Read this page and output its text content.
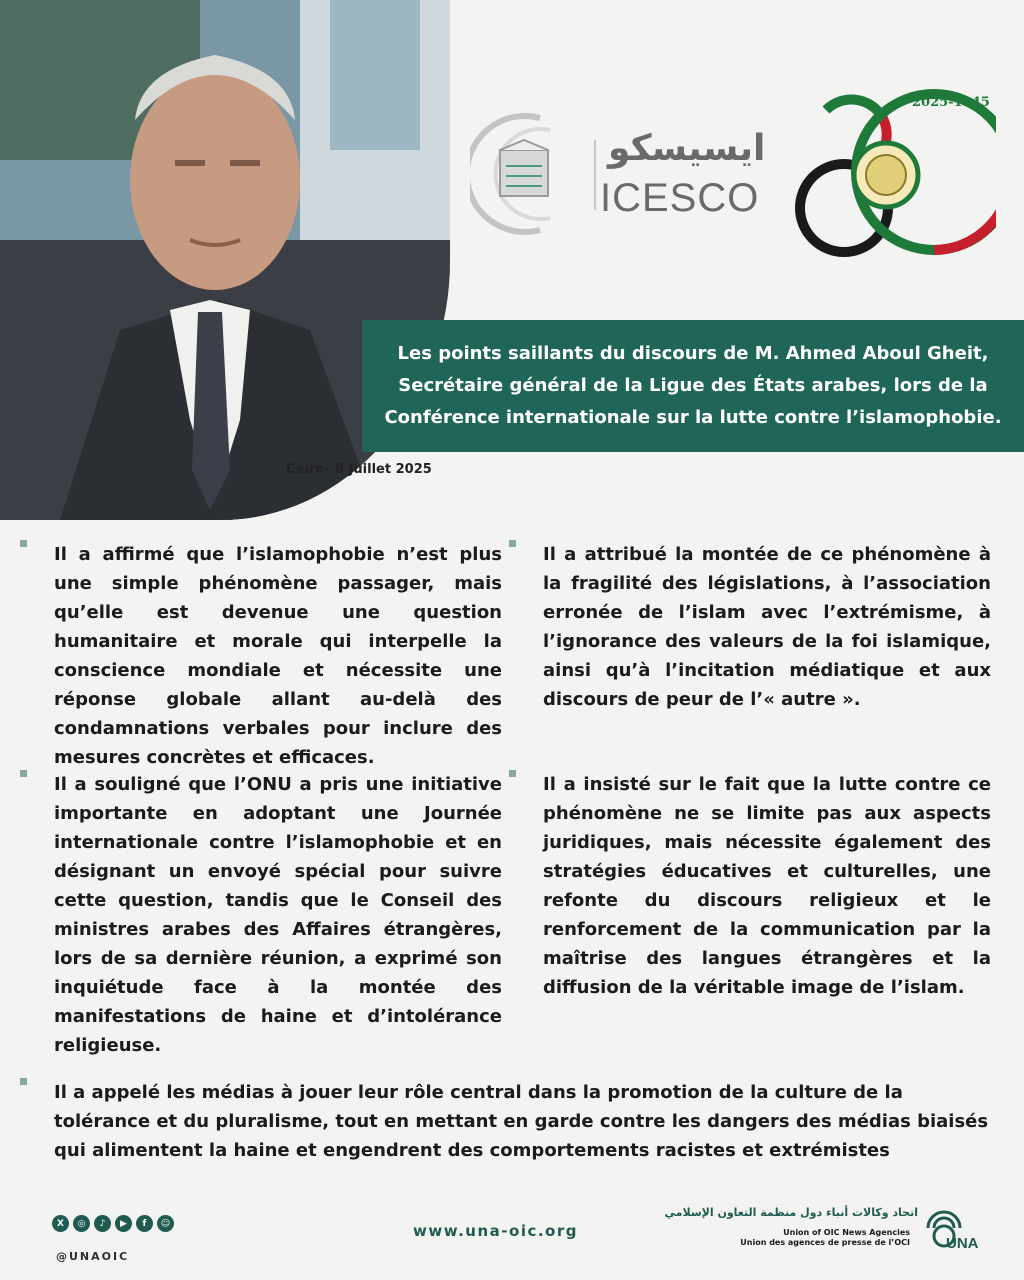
ايسيسكو
ICESCO
2025-1945
Les points saillants du discours de M. Ahmed Aboul Gheit, Secrétaire général de la Ligue des États arabes, lors de la Conférence internationale sur la lutte contre l’islamophobie.
Caire– 8 Juillet 2025
Il a affirmé que l’islamophobie n’est plus une simple phénomène passager, mais qu’elle est devenue une question humanitaire et morale qui interpelle la conscience mondiale et nécessite une réponse globale allant au-delà des condamnations verbales pour inclure des mesures concrètes et efficaces.
Il a attribué la montée de ce phénomène à la fragilité des législations, à l’association erronée de l’islam avec l’extrémisme, à l’ignorance des valeurs de la foi islamique, ainsi qu’à l’incitation médiatique et aux discours de peur de l’« autre ».
Il a souligné que l’ONU a pris une initiative importante en adoptant une Journée internationale contre l’islamophobie et en désignant un envoyé spécial pour suivre cette question, tandis que le Conseil des ministres arabes des Affaires étrangères, lors de sa dernière réunion, a exprimé son inquiétude face à la montée des manifestations de haine et d’intolérance religieuse.
Il a insisté sur le fait que la lutte contre ce phénomène ne se limite pas aux aspects juridiques, mais nécessite également des stratégies éducatives et culturelles, une refonte du discours religieux et le renforcement de la communication par la maîtrise des langues étrangères et la diffusion de la véritable image de l’islam.
Il a appelé les médias à jouer leur rôle central dans la promotion de la culture de la tolérance et du pluralisme, tout en mettant en garde contre les dangers des médias biaisés qui alimentent la haine et engendrent des comportements racistes et extrémistes
X	◎	♪	▶	f	☺
@UNAOIC
www.una-oic.org
اتحاد وكالات أنباء دول منظمة التعاون الإسلامي
Union of OIC News Agencies
Union des agences de presse de l’OCI UNA
